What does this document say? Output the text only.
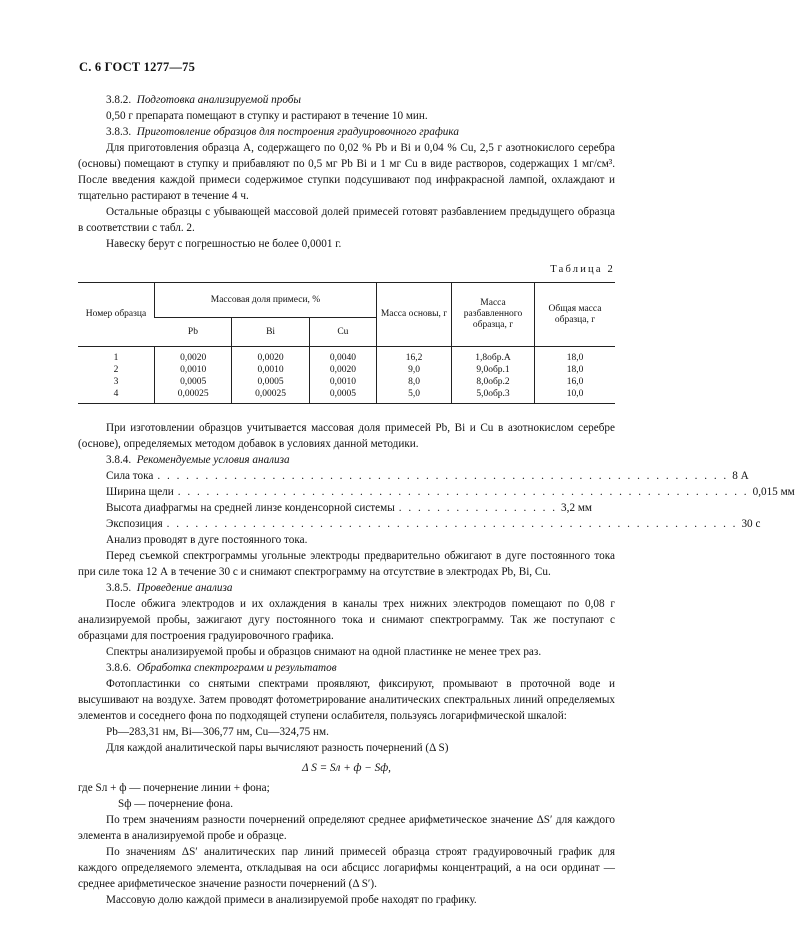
С. 6 ГОСТ 1277—75

3.8.2. Подготовка анализируемой пробы

0,50 г препарата помещают в ступку и растирают в течение 10 мин.

3.8.3. Приготовление образцов для построения градуировочного графика

Для приготовления образца А, содержащего по 0,02 % Pb и Bi и 0,04 % Cu, 2,5 г азотнокислого серебра (основы) помещают в ступку и прибавляют по 0,5 мг Pb Bi и 1 мг Cu в виде растворов, содержащих 1 мг/см³. После введения каждой примеси содержимое ступки подсушивают под инфракрасной лампой, охлаждают и тщательно растирают в течение 4 ч.

Остальные образцы с убывающей массовой долей примесей готовят разбавлением предыдущего образца в соответствии с табл. 2.

Навеску берут с погрешностью не более 0,0001 г.

Таблица 2
Номер образца	Массовая доля примеси, %			Масса основы, г	Масса разбавленного образца, г	Общая масса образца, г
	Pb	Bi	Cu			
1	0,0020	0,0020	0,0040	16,2	1,8обр.А	18,0
2	0,0010	0,0010	0,0020	9,0	9,0обр.1	18,0
3	0,0005	0,0005	0,0010	8,0	8,0обр.2	16,0
4	0,00025	0,00025	0,0005	5,0	5,0обр.3	10,0

При изготовлении образцов учитывается массовая доля примесей Pb, Bi и Cu в азотнокислом серебре (основе), определяемых методом добавок в условиях данной методики.

3.8.4. Рекомендуемые условия анализа

Сила тока . . . . . . . . . . . . . . . . . . . . . . . . . . . . . . . . . . . . . . . . . . . . . . . . . . . . . . . . . . . . 8 А
Ширина щели . . . . . . . . . . . . . . . . . . . . . . . . . . . . . . . . . . . . . . . . . . . . . . . . . . . . . . . . . . . . 0,015 мм
Высота диафрагмы на средней линзе конденсорной системы . . . . . . . . . . . . . . . . . 3,2 мм
Экспозиция . . . . . . . . . . . . . . . . . . . . . . . . . . . . . . . . . . . . . . . . . . . . . . . . . . . . . . . . . . . . 30 с

Анализ проводят в дуге постоянного тока.

Перед съемкой спектрограммы угольные электроды предварительно обжигают в дуге постоянного тока при силе тока 12 А в течение 30 с и снимают спектрограмму на отсутствие в электродах Pb, Bi, Cu.

3.8.5. Проведение анализа

После обжига электродов и их охлаждения в каналы трех нижних электродов помещают по 0,08 г анализируемой пробы, зажигают дугу постоянного тока и снимают спектрограмму. Так же поступают с образцами для построения градуировочного графика.

Спектры анализируемой пробы и образцов снимают на одной пластинке не менее трех раз.

3.8.6. Обработка спектрограмм и результатов

Фотопластинки со снятыми спектрами проявляют, фиксируют, промывают в проточной воде и высушивают на воздухе. Затем проводят фотометрирование аналитических спектральных линий определяемых элементов и соседнего фона по подходящей ступени ослабителя, пользуясь логарифмической шкалой:

Pb—283,31 нм, Bi—306,77 нм, Cu—324,75 нм.

Для каждой аналитической пары вычисляют разность почернений (Δ S)

Δ S = Sл + ф − Sф,

где Sл + ф — почернение линии + фона;

Sф — почернение фона.

По трем значениям разности почернений определяют среднее арифметическое значение ΔS′ для каждого элемента в анализируемой пробе и образце.

По значениям ΔS′ аналитических пар линий примесей образца строят градуировочный график для каждого определяемого элемента, откладывая на оси абсцисс логарифмы концентраций, а на оси ординат — среднее арифметическое значение разности почернений (Δ S′).

Массовую долю каждой примеси в анализируемой пробе находят по графику.
